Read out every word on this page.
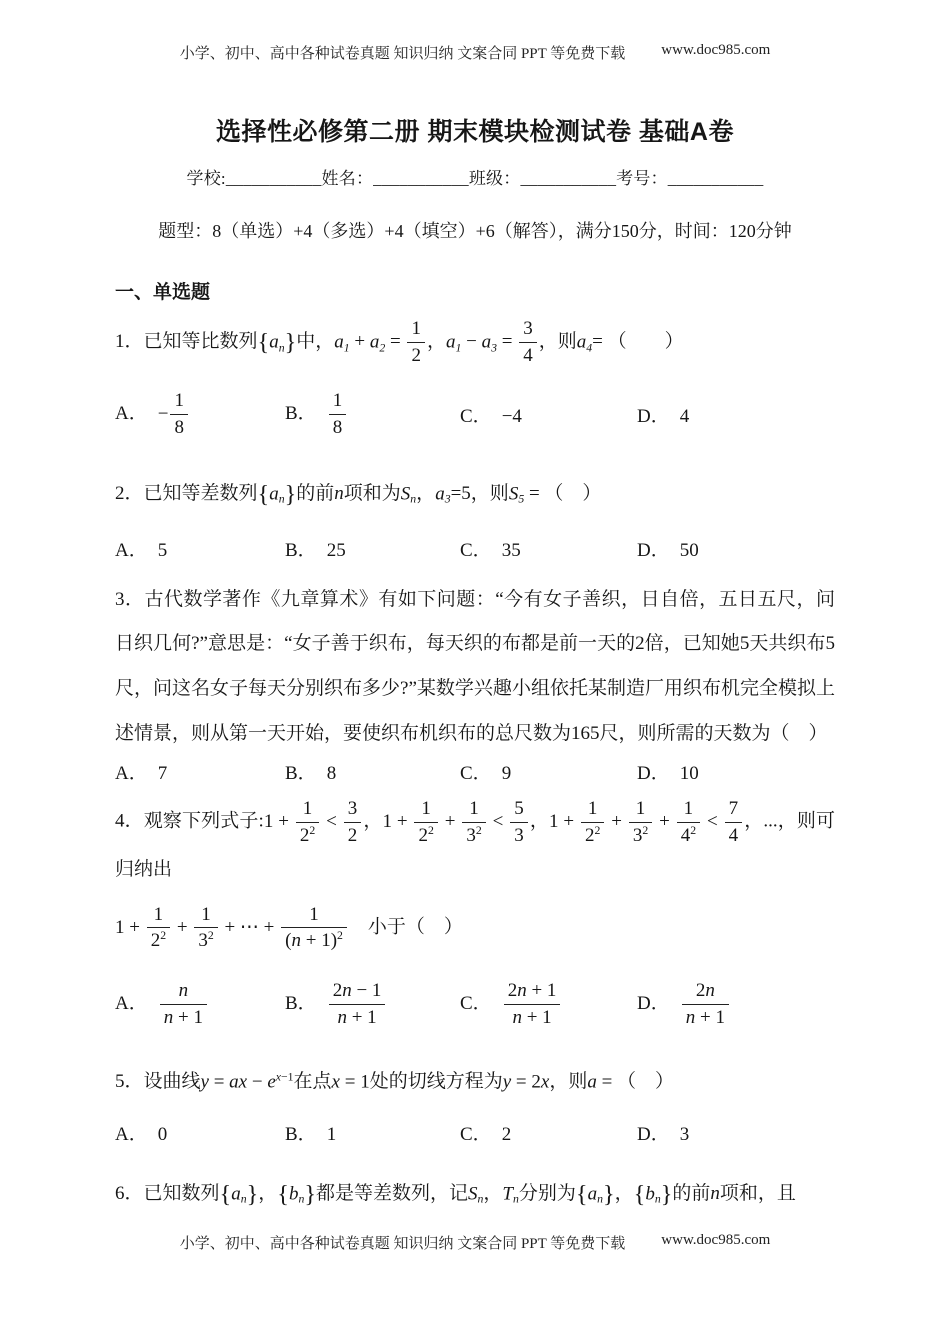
小学、初中、高中各种试卷真题 知识归纳 文案合同 PPT 等免费下载 www.doc985.com
选择性必修第二册 期末模块检测试卷 基础A卷
学校:___________姓名：___________班级：___________考号：___________
题型：8（单选）+4（多选）+4（填空）+6（解答），满分150分，时间：120分钟
一、单选题
1．已知等比数列$\{a_n\}$中，$a_1 + a_2 = \frac{1}{2}$ ，$a_1 - a_3 = \frac{3}{4}$ ，则$a_4=$ （　　）
A． − $\frac{1}{8}$	B． $\frac{1}{8}$	C． −4	D． 4
2．已知等差数列$\{a_n\}$的前n项和为$S_n$，$a_3=5$，则$S_5$ = （　）
A． 5	B． 25	C． 35	D． 50
3．古代数学著作《九章算术》有如下问题：“今有女子善织，日自倍，五日五尺，问日织几何?”意思是：“女子善于织布，每天织的布都是前一天的2倍，已知她5天共织布5尺，问这名女子每天分别织布多少?”某数学兴趣小组依托某制造厂用织布机完全模拟上述情景，则从第一天开始，要使织布机织布的总尺数为165尺，则所需的天数为（　）
A． 7	B． 8	C． 9	D． 10
4．观察下列式子:1 + $\frac{1}{2^2} < \frac{3}{2}$ ，$1 + \frac{1}{2^2} + \frac{1}{3^2} < \frac{5}{3}$ ，$1 + \frac{1}{2^2} + \frac{1}{3^2} + \frac{1}{4^2} < \frac{7}{4}$ ，...，则可归纳出
$1 + \frac{1}{2^2} + \frac{1}{3^2}$ + ⋯ + $\frac{1}{(n + 1)^2}$ 　小于（　）
A． $\frac{n}{n + 1}$	B． $\frac{2n - 1}{n + 1}$	C． $\frac{2n + 1}{n + 1}$	D． $\frac{2n}{n + 1}$
5．设曲线y = ax − $e^{x-1}$在点x = 1处的切线方程为y = 2x，则a = （　）
A． 0	B． 1	C． 2	D． 3
6．已知数列$\{a_n\}$，$\{b_n\}$都是等差数列，记$S_n$，$T_n$分别为$\{a_n\}$，$\{b_n\}$的前n项和，且
小学、初中、高中各种试卷真题 知识归纳 文案合同 PPT 等免费下载 www.doc985.com
